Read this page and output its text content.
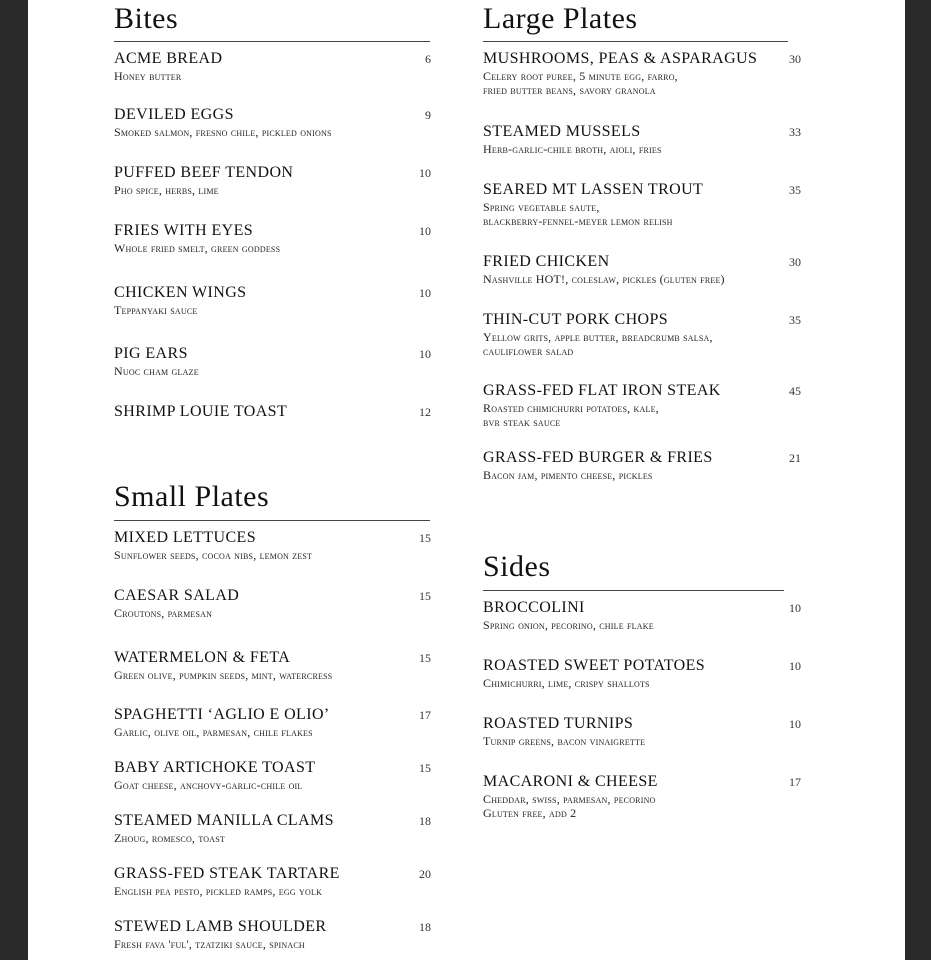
Bites
ACME BREAD
Honey butter
6
DEVILED EGGS
Smoked salmon, fresno chile, pickled onions
9
PUFFED BEEF TENDON
Pho spice, herbs, lime
10
FRIES WITH EYES
Whole fried smelt, green goddess
10
CHICKEN WINGS
Teppanyaki sauce
10
PIG EARS
Nuoc cham glaze
10
SHRIMP LOUIE TOAST	12
Small Plates
MIXED LETTUCES
Sunflower seeds, cocoa nibs, lemon zest
15
CAESAR SALAD
Croutons, parmesan
15
WATERMELON & FETA
Green olive, pumpkin seeds, mint, watercress
15
SPAGHETTI ‘AGLIO E OLIO’
Garlic, olive oil, parmesan, chile flakes
17
BABY ARTICHOKE TOAST
Goat cheese, anchovy-garlic-chile oil
15
STEAMED MANILLA CLAMS
Zhoug, romesco, toast
18
GRASS-FED STEAK TARTARE
English pea pesto, pickled ramps, egg yolk
20
STEWED LAMB SHOULDER
Fresh fava 'ful', tzatziki sauce, spinach
18
Large Plates
MUSHROOMS, PEAS & ASPARAGUS
Celery root puree, 5 minute egg, farro,
fried butter beans, savory granola
30
STEAMED MUSSELS
Herb-garlic-chile broth, aioli, fries
33
SEARED MT LASSEN TROUT
Spring vegetable saute,
blackberry-fennel-meyer lemon relish
35
FRIED CHICKEN
Nashville HOT!, coleslaw, pickles (gluten free)
30
THIN-CUT PORK CHOPS
Yellow grits, apple butter, breadcrumb salsa,
cauliflower salad
35
GRASS-FED FLAT IRON STEAK
Roasted chimichurri potatoes, kale,
bvr steak sauce
45
GRASS-FED BURGER & FRIES
Bacon jam, pimento cheese, pickles
21
Sides
BROCCOLINI
Spring onion, pecorino, chile flake
10
ROASTED SWEET POTATOES
Chimichurri, lime, crispy shallots
10
ROASTED TURNIPS
Turnip greens, bacon vinaigrette
10
MACARONI & CHEESE
Cheddar, swiss, parmesan, pecorino
Gluten free, add 2
17
